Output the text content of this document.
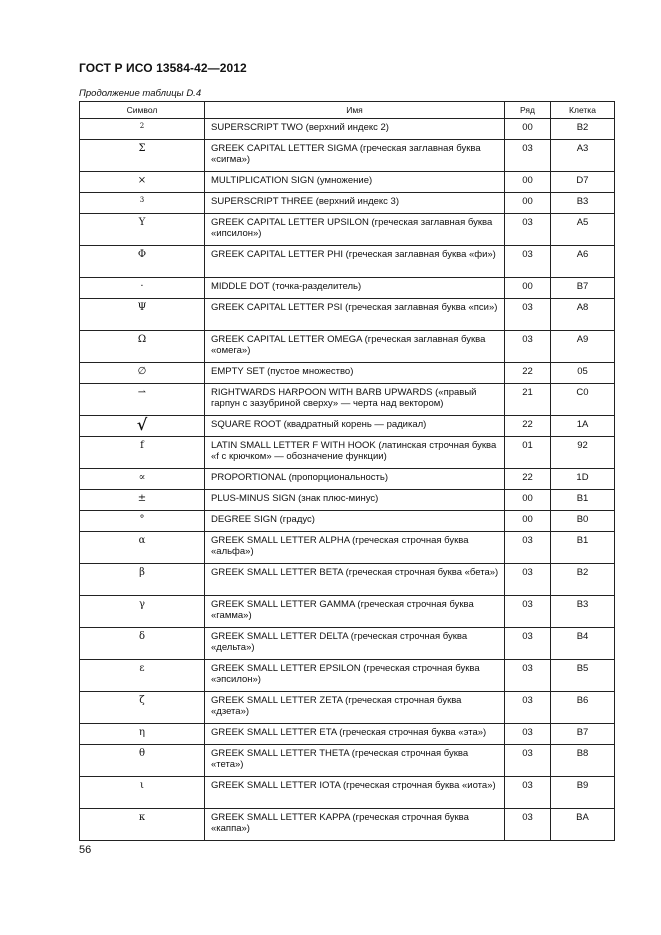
ГОСТ Р ИСО 13584-42—2012
Продолжение таблицы D.4
Символ	Имя	Ряд	Клетка
2	SUPERSCRIPT TWO (верхний индекс 2)	00	B2
Σ	GREEK CAPITAL LETTER SIGMA (греческая заглавная буква «сигма»)	03	A3
×	MULTIPLICATION SIGN (умножение)	00	D7
3	SUPERSCRIPT THREE (верхний индекс 3)	00	B3
Υ	GREEK CAPITAL LETTER UPSILON (греческая заглавная буква «ипсилон»)	03	A5
Φ	GREEK CAPITAL LETTER PHI (греческая заглавная буква «фи»)	03	A6
·	MIDDLE DOT (точка-разделитель)	00	B7
Ψ	GREEK CAPITAL LETTER PSI (греческая заглавная буква «пси»)	03	A8
Ω	GREEK CAPITAL LETTER OMEGA (греческая заглавная буква «омега»)	03	A9
∅	EMPTY SET (пустое множество)	22	05
⇀	RIGHTWARDS HARPOON WITH BARB UPWARDS («правый гарпун с зазубриной сверху» — черта над вектором)	21	C0
√	SQUARE ROOT (квадратный корень — радикал)	22	1A
f	LATIN SMALL LETTER F WITH HOOK (латинская строчная буква «f с крючком» — обозначение функции)	01	92
∝	PROPORTIONAL (пропорциональность)	22	1D
±	PLUS-MINUS SIGN (знак плюс-минус)	00	B1
°	DEGREE SIGN (градус)	00	B0
α	GREEK SMALL LETTER ALPHA (греческая строчная буква «альфа»)	03	B1
β	GREEK SMALL LETTER BETA (греческая строчная буква «бета»)	03	B2
γ	GREEK SMALL LETTER GAMMA (греческая строчная буква «гамма»)	03	B3
δ	GREEK SMALL LETTER DELTA (греческая строчная буква «дельта»)	03	B4
ε	GREEK SMALL LETTER EPSILON (греческая строчная буква «эпсилон»)	03	B5
ζ	GREEK SMALL LETTER ZETA (греческая строчная буква «дзета»)	03	B6
η	GREEK SMALL LETTER ETA (греческая строчная буква «эта»)	03	B7
θ	GREEK SMALL LETTER THETA (греческая строчная буква «тета»)	03	B8
ι	GREEK SMALL LETTER IOTA (греческая строчная буква «иота»)	03	B9
κ	GREEK SMALL LETTER KAPPA (греческая строчная буква «каппа»)	03	BA
56
